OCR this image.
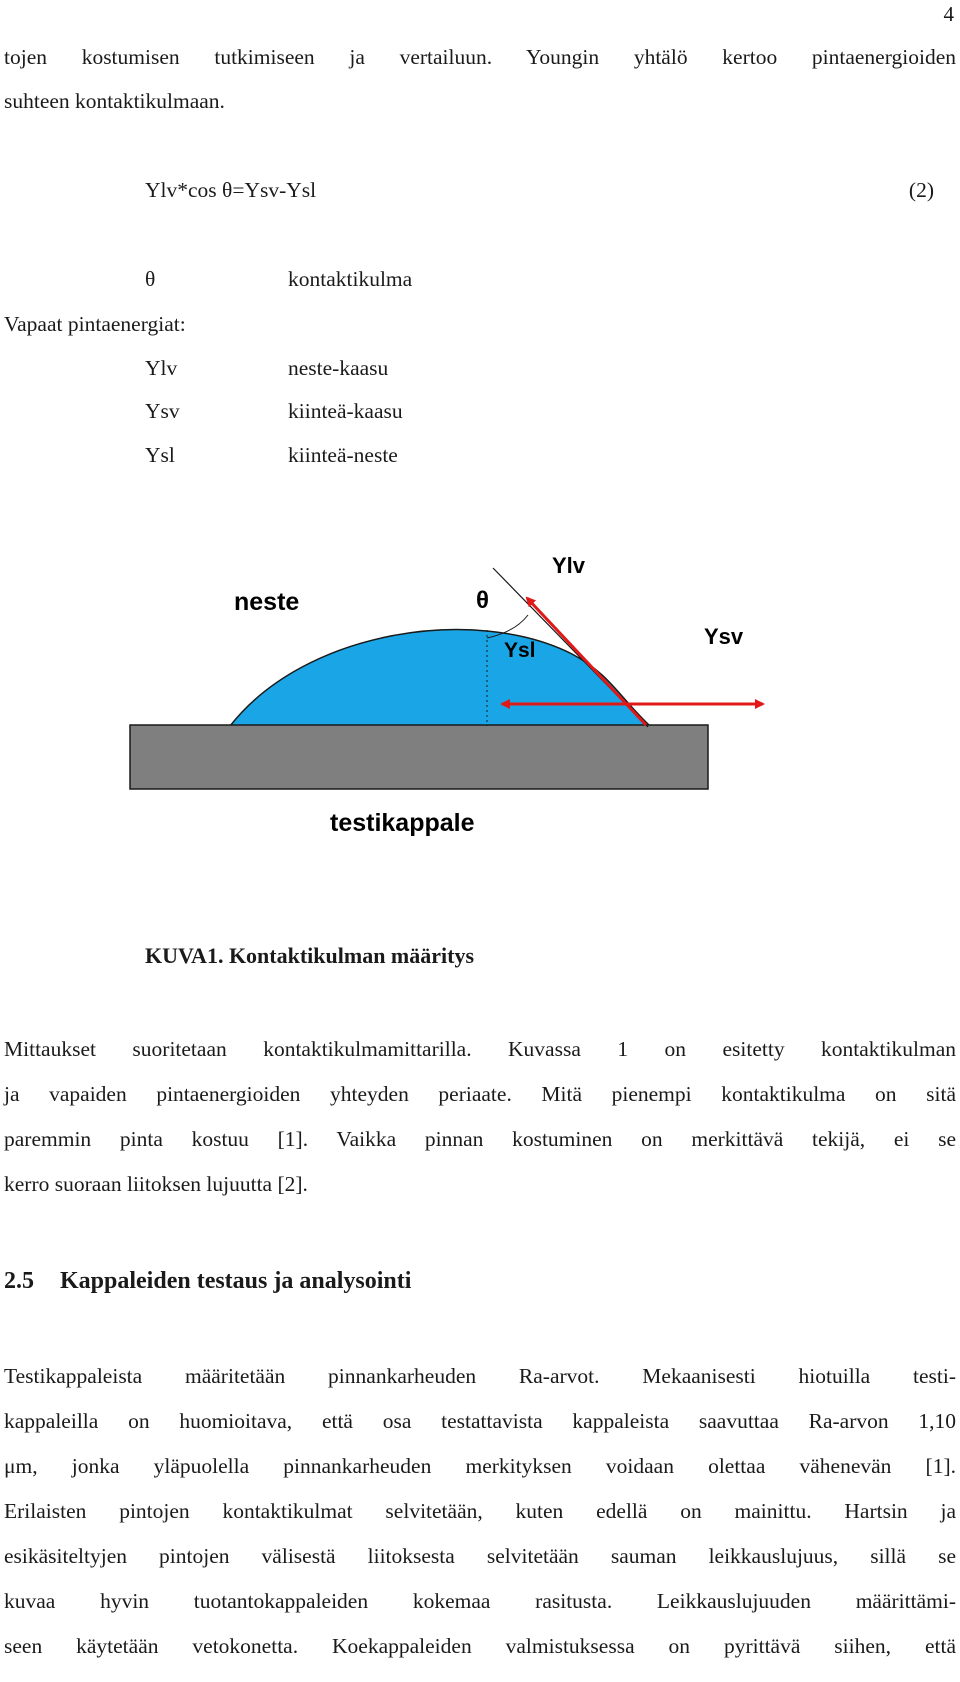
4
tojen kostumisen tutkimiseen ja vertailuun. Youngin yhtälö kertoo pintaenergioiden
suhteen kontaktikulmaan.
Ylv*cos θ=Ysv-Ysl	(2)
θ	kontaktikulma
Vapaat pintaenergiat:
Ylv	neste-kaasu
Ysv	kiinteä-kaasu
Ysl	kiinteä-neste
neste	θ
Ylv
Ysl
Ysv
testikappale
KUVA1. Kontaktikulman määritys
Mittaukset suoritetaan kontaktikulmamittarilla. Kuvassa 1 on esitetty kontaktikulman
ja vapaiden pintaenergioiden yhteyden periaate. Mitä pienempi kontaktikulma on sitä
paremmin pinta kostuu [1]. Vaikka pinnan kostuminen on merkittävä tekijä, ei se
kerro suoraan liitoksen lujuutta [2].
2.5 Kappaleiden testaus ja analysointi
Testikappaleista määritetään pinnankarheuden Ra-arvot. Mekaanisesti hiotuilla testi-
kappaleilla on huomioitava, että osa testattavista kappaleista saavuttaa Ra-arvon 1,10
μm, jonka yläpuolella pinnankarheuden merkityksen voidaan olettaa vähenevän [1].
Erilaisten pintojen kontaktikulmat selvitetään, kuten edellä on mainittu. Hartsin ja
esikäsiteltyjen pintojen välisestä liitoksesta selvitetään sauman leikkauslujuus, sillä se
kuvaa hyvin tuotantokappaleiden kokemaa rasitusta. Leikkauslujuuden määrittämi-
seen käytetään vetokonetta. Koekappaleiden valmistuksessa on pyrittävä siihen, että
